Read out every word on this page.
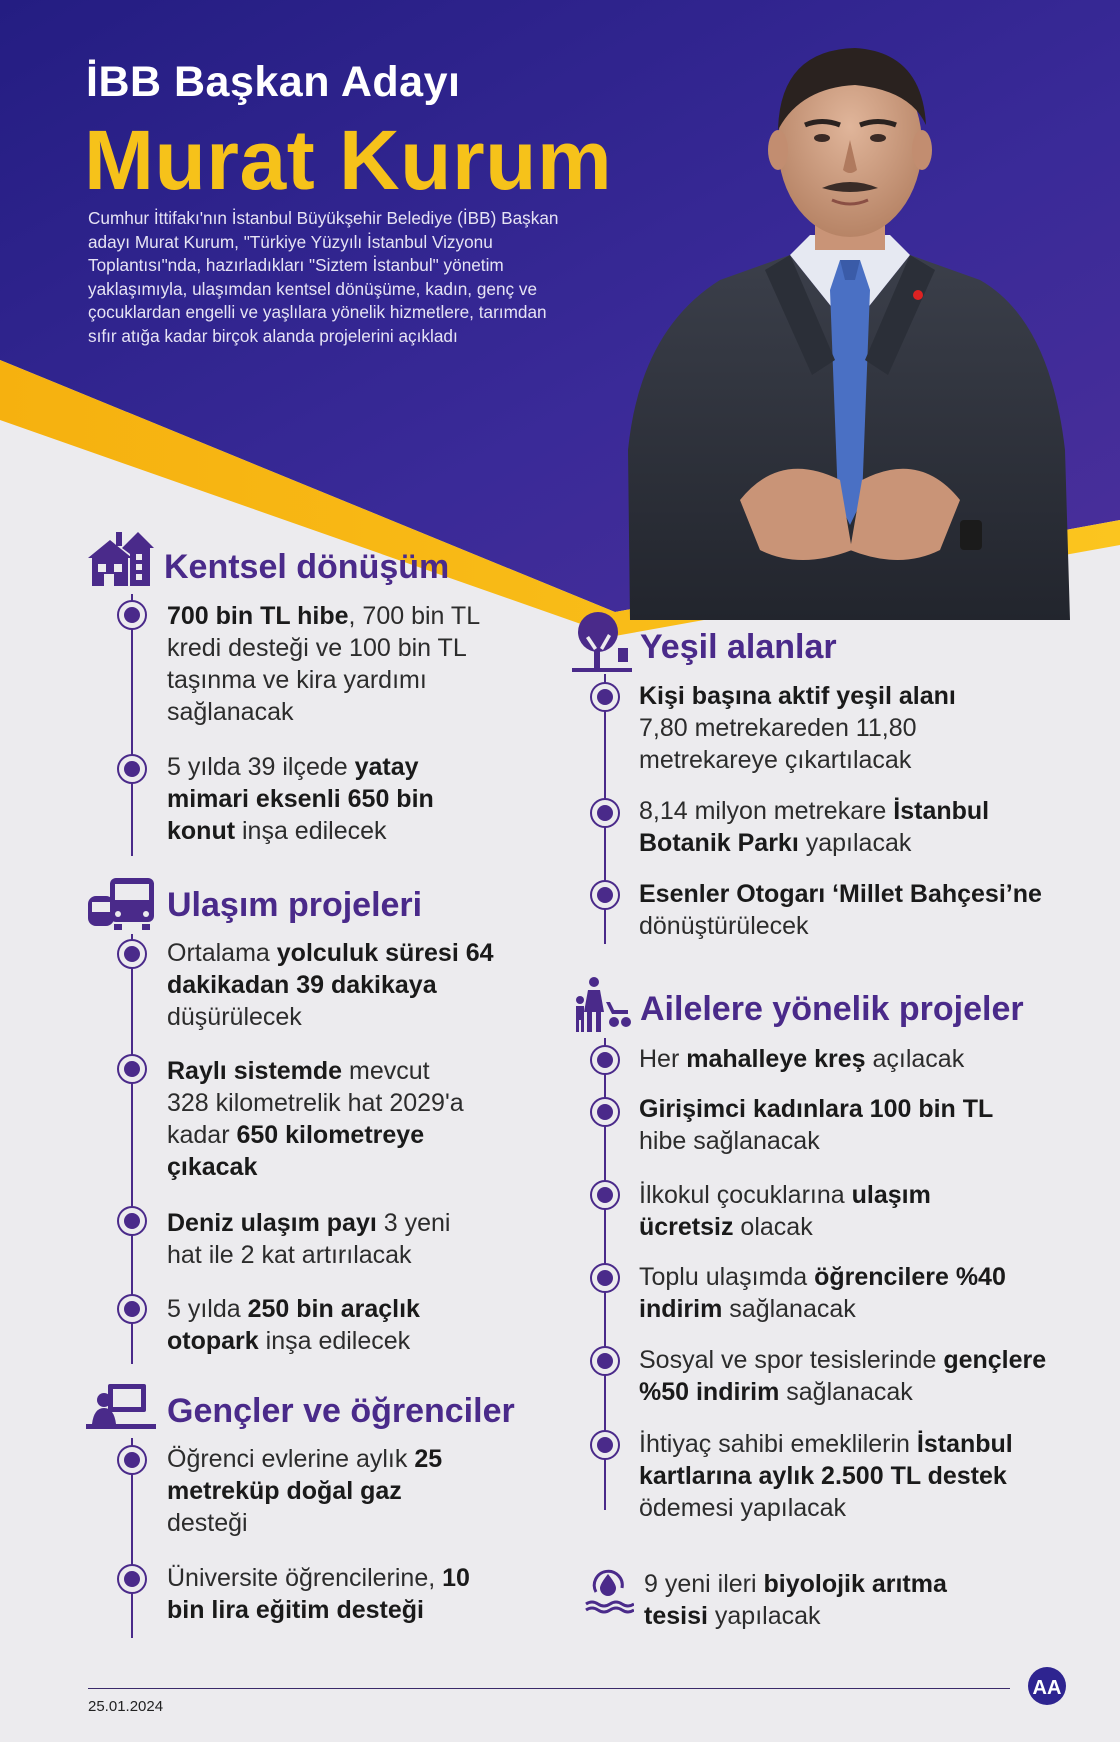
İBB Başkan Adayı
Murat Kurum
Cumhur İttifakı'nın İstanbul Büyükşehir Belediye (İBB) Başkan adayı Murat Kurum, "Türkiye Yüzyılı İstanbul Vizyonu Toplantısı"nda, hazırladıkları "Siztem İstanbul" yönetim yaklaşımıyla, ulaşımdan kentsel dönüşüme, kadın, genç ve çocuklardan engelli ve yaşlılara yönelik hizmetlere, tarımdan sıfır atığa kadar birçok alanda projelerini açıkladı
Kentsel dönüşüm
700 bin TL hibe, 700 bin TL kredi desteği ve 100 bin TL taşınma ve kira yardımı sağlanacak
5 yılda 39 ilçede yatay mimari eksenli 650 bin konut inşa edilecek
Ulaşım projeleri
Ortalama yolculuk süresi 64 dakikadan 39 dakikaya düşürülecek
Raylı sistemde mevcut 328 kilometrelik hat 2029'a kadar 650 kilometreye çıkacak
Deniz ulaşım payı 3 yeni hat ile 2 kat artırılacak
5 yılda 250 bin araçlık otopark inşa edilecek
Gençler ve öğrenciler
Öğrenci evlerine aylık 25 metreküp doğal gaz desteği
Üniversite öğrencilerine, 10 bin lira eğitim desteği
Yeşil alanlar
Kişi başına aktif yeşil alanı 7,80 metrekareden 11,80 metrekareye çıkartılacak
8,14 milyon metrekare İstanbul Botanik Parkı yapılacak
Esenler Otogarı ‘Millet Bahçesi’ne dönüştürülecek
Ailelere yönelik projeler
Her mahalleye kreş açılacak
Girişimci kadınlara 100 bin TL hibe sağlanacak
İlkokul çocuklarına ulaşım ücretsiz olacak
Toplu ulaşımda öğrencilere %40 indirim sağlanacak
Sosyal ve spor tesislerinde gençlere %50 indirim sağlanacak
İhtiyaç sahibi emeklilerin İstanbul kartlarına aylık 2.500 TL destek ödemesi yapılacak
9 yeni ileri biyolojik arıtma tesisi yapılacak
25.01.2024
AA
